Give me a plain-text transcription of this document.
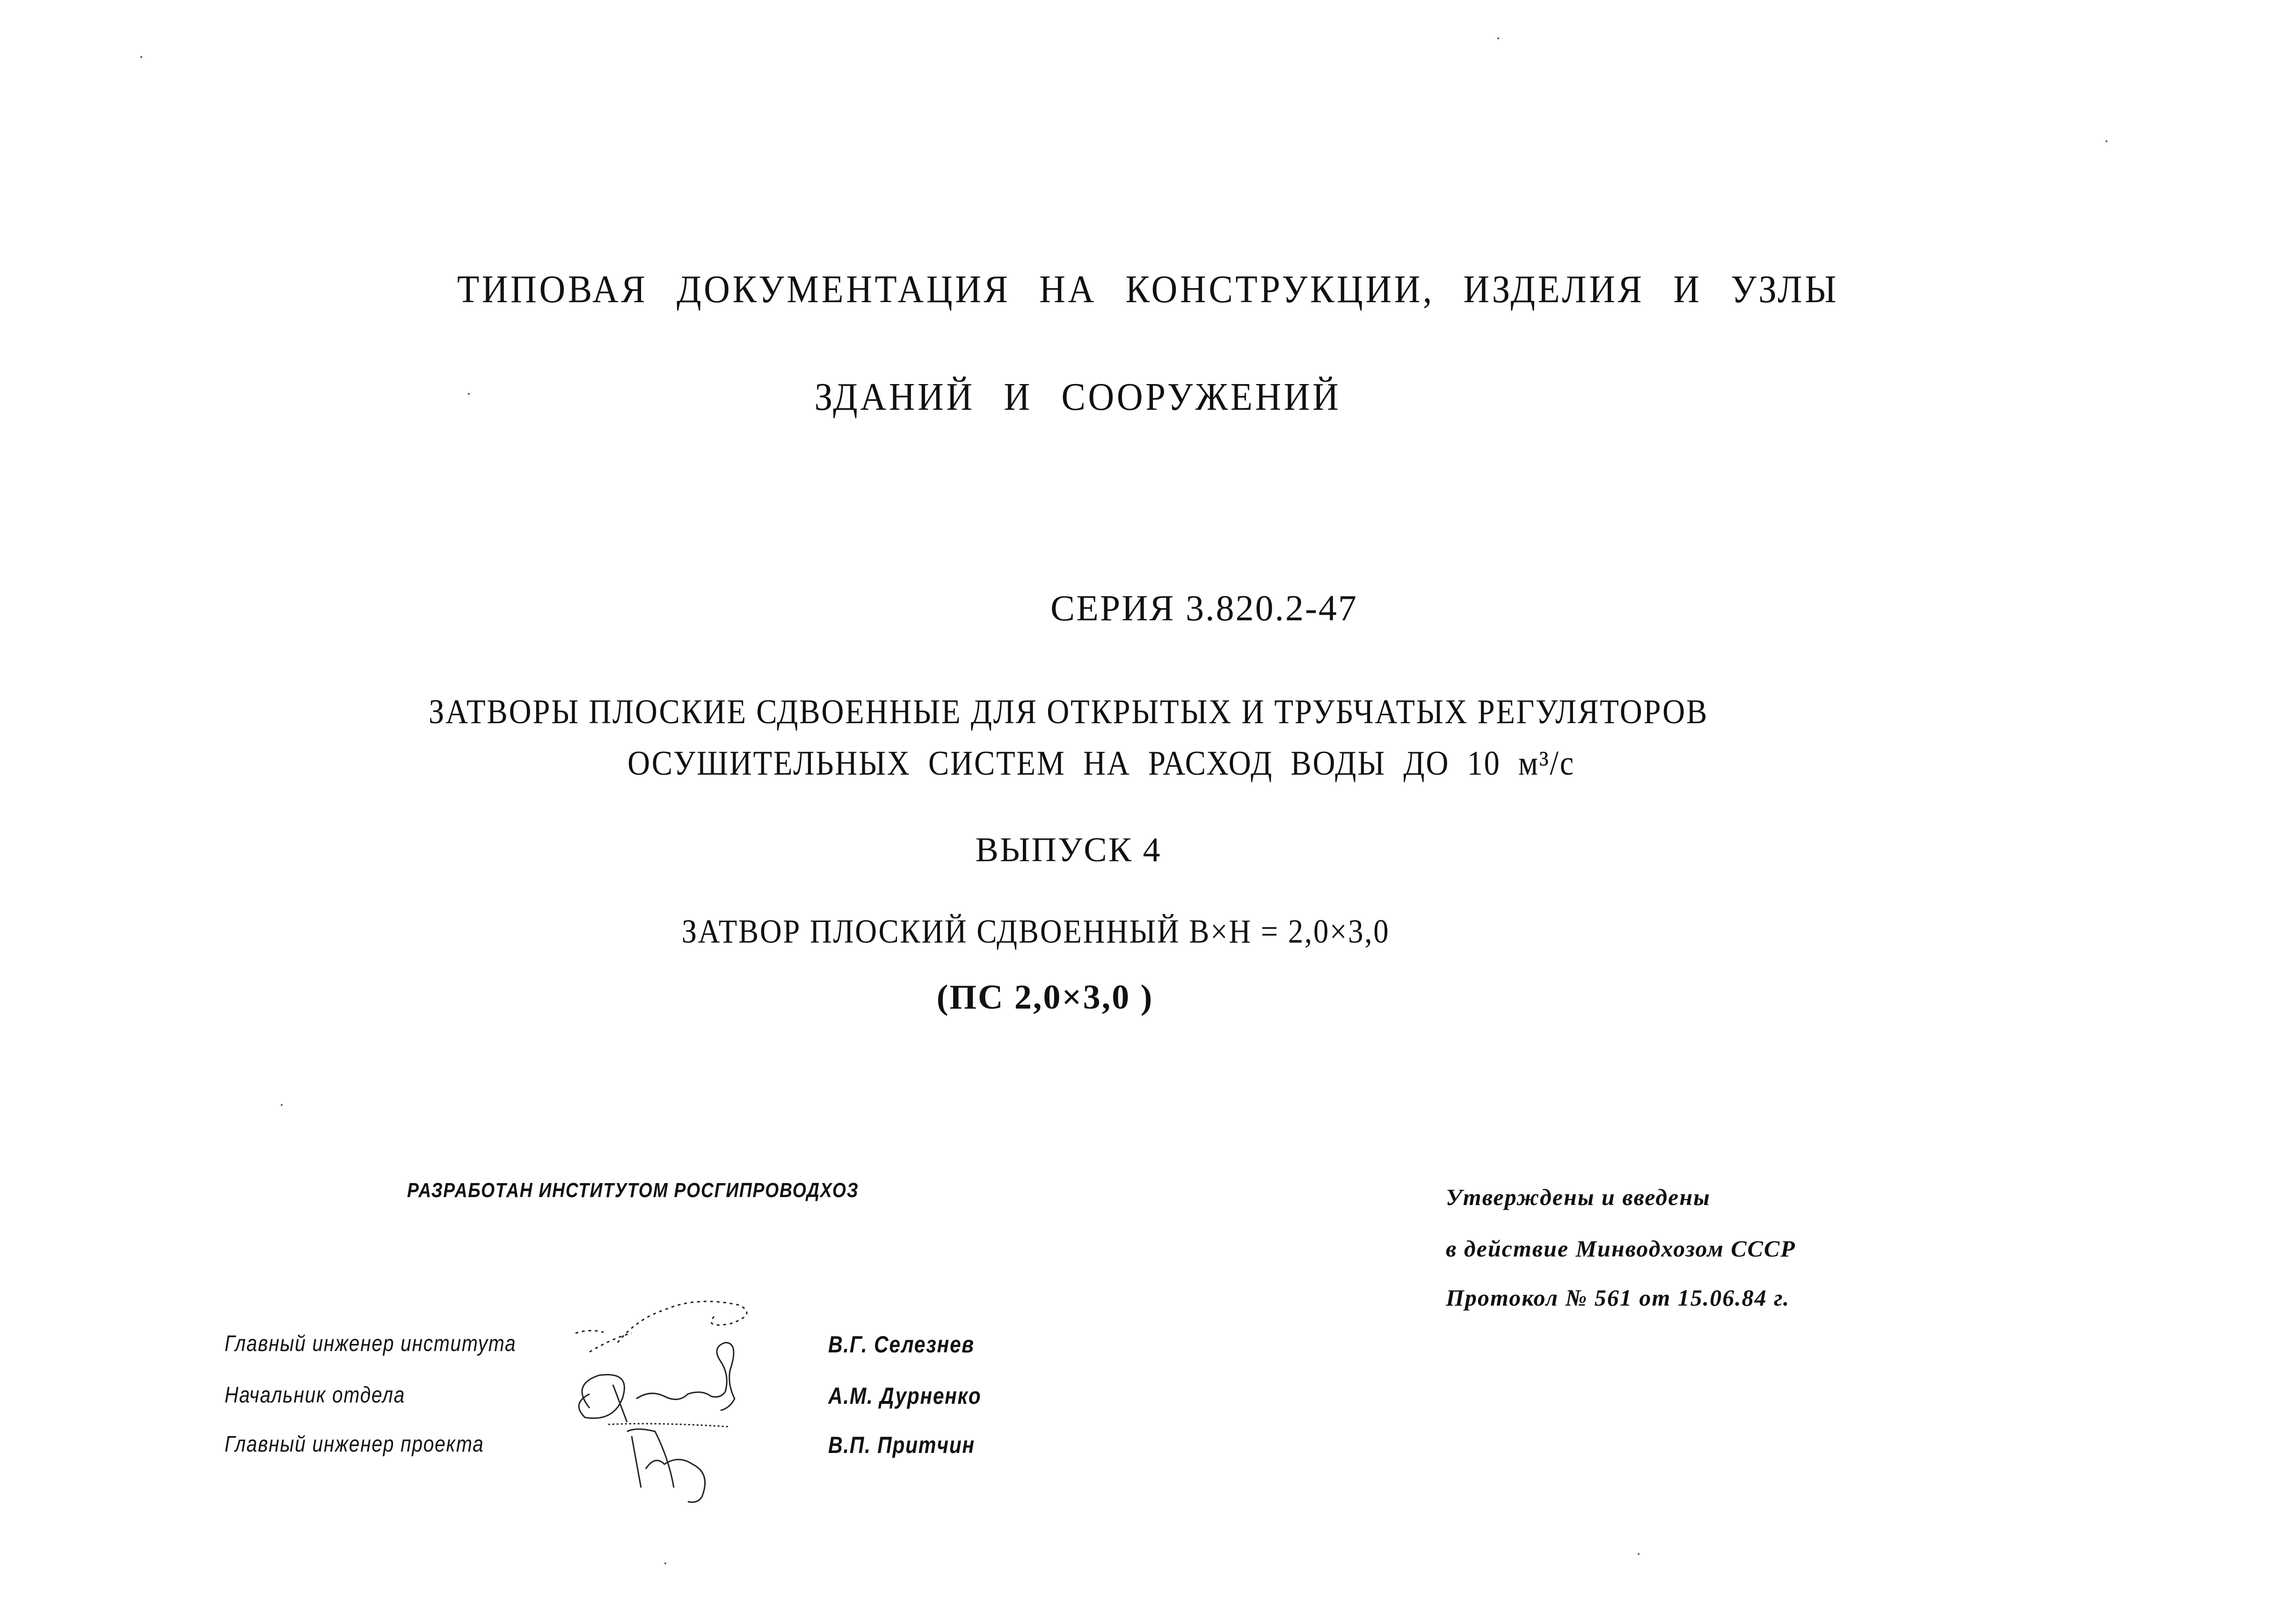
ТИПОВАЯ ДОКУМЕНТАЦИЯ НА КОНСТРУКЦИИ, ИЗДЕЛИЯ И УЗЛЫ
ЗДАНИЙ И СООРУЖЕНИЙ
СЕРИЯ 3.820.2-47
ЗАТВОРЫ ПЛОСКИЕ СДВОЕННЫЕ ДЛЯ ОТКРЫТЫХ И ТРУБЧАТЫХ РЕГУЛЯТОРОВ
ОСУШИТЕЛЬНЫХ СИСТЕМ НА РАСХОД ВОДЫ ДО 10 м³/с
ВЫПУСК 4
ЗАТВОР ПЛОСКИЙ СДВОЕННЫЙ В×Н = 2,0×3,0
(ПС 2,0×3,0 )
РАЗРАБОТАН ИНСТИТУТОМ РОСГИПРОВОДХОЗ
Главный инженер института
Начальник отдела
Главный инженер проекта
В.Г. Селезнев
А.М. Дурненко
В.П. Притчин
Утверждены и введены
в действие Минводхозом СССР
Протокол № 561 от 15.06.84 г.
